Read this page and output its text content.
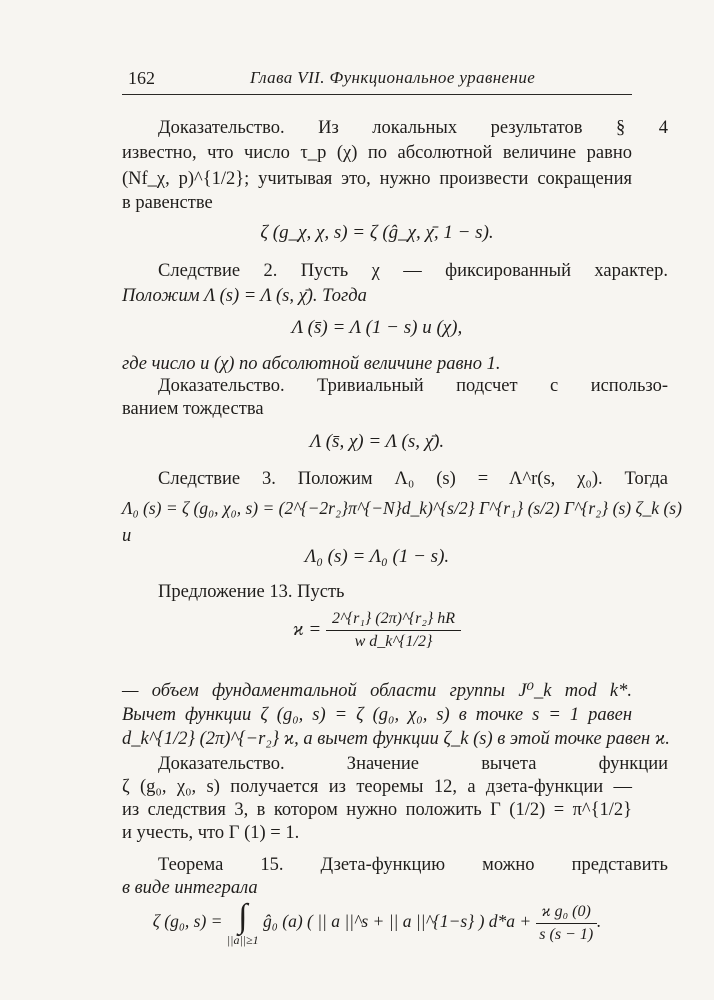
162	Глава VII. Функциональное уравнение
Доказательство. Из локальных результатов § 4
известно, что число τ_p (χ) по абсолютной величине равно
(Nf_χ, p)^{1/2}; учитывая это, нужно произвести сокращения
в равенстве
ζ (g_χ, χ, s) = ζ (ĝ_χ, χ̄, 1 − s).
Следствие 2. Пусть χ — фиксированный характер.
Положим Λ (s) = Λ (s, χ̄). Тогда
Λ (s̄) = Λ (1 − s) u (χ),
где число u (χ) по абсолютной величине равно 1.
Доказательство. Тривиальный подсчет с использо-
ванием тождества
Λ (s̄, χ) = Λ (s, χ̄).
Следствие 3. Положим Λ₀ (s) = Λ^r(s, χ₀). Тогда
Λ₀ (s) = ζ (g₀, χ₀, s) = (2^{−2r₂}π^{−N}d_k)^{s/2} Γ^{r₁} (s/2) Γ^{r₂} (s) ζ_k (s)
и
Λ₀ (s) = Λ₀ (1 − s).
Предложение 13. Пусть
$ϰ = \frac{\text{2\textasciicircum{}\{r₁\} (2π)\textasciicircum{}\{r₂\} hR}}{\text{w d\_k\textasciicircum{}\{1/2\}}}$
— объем фундаментальной области группы J⁰_k mod k*.
Вычет функции ζ (g₀, s) = ζ (g₀, χ₀, s) в точке s = 1 равен
d_k^{1/2} (2π)^{−r₂} ϰ, а вычет функции ζ_k (s) в этой точке равен ϰ.
Доказательство. Значение вычета функции
ζ (g₀, χ₀, s) получается из теоремы 12, а дзета-функции —
из следствия 3, в котором нужно положить Γ (1/2) = π^{1/2}
и учесть, что Γ (1) = 1.
Теорема 15. Дзета-функцию можно представить
в виде интеграла
ζ (g₀, s) = ∫
||a||≥1
ĝ₀ (a) ( || a ||^s + || a ||^{1−s} ) $d*a + \frac{\text{ϰ g₀ (0)}}{s (s - 1)}$ .
